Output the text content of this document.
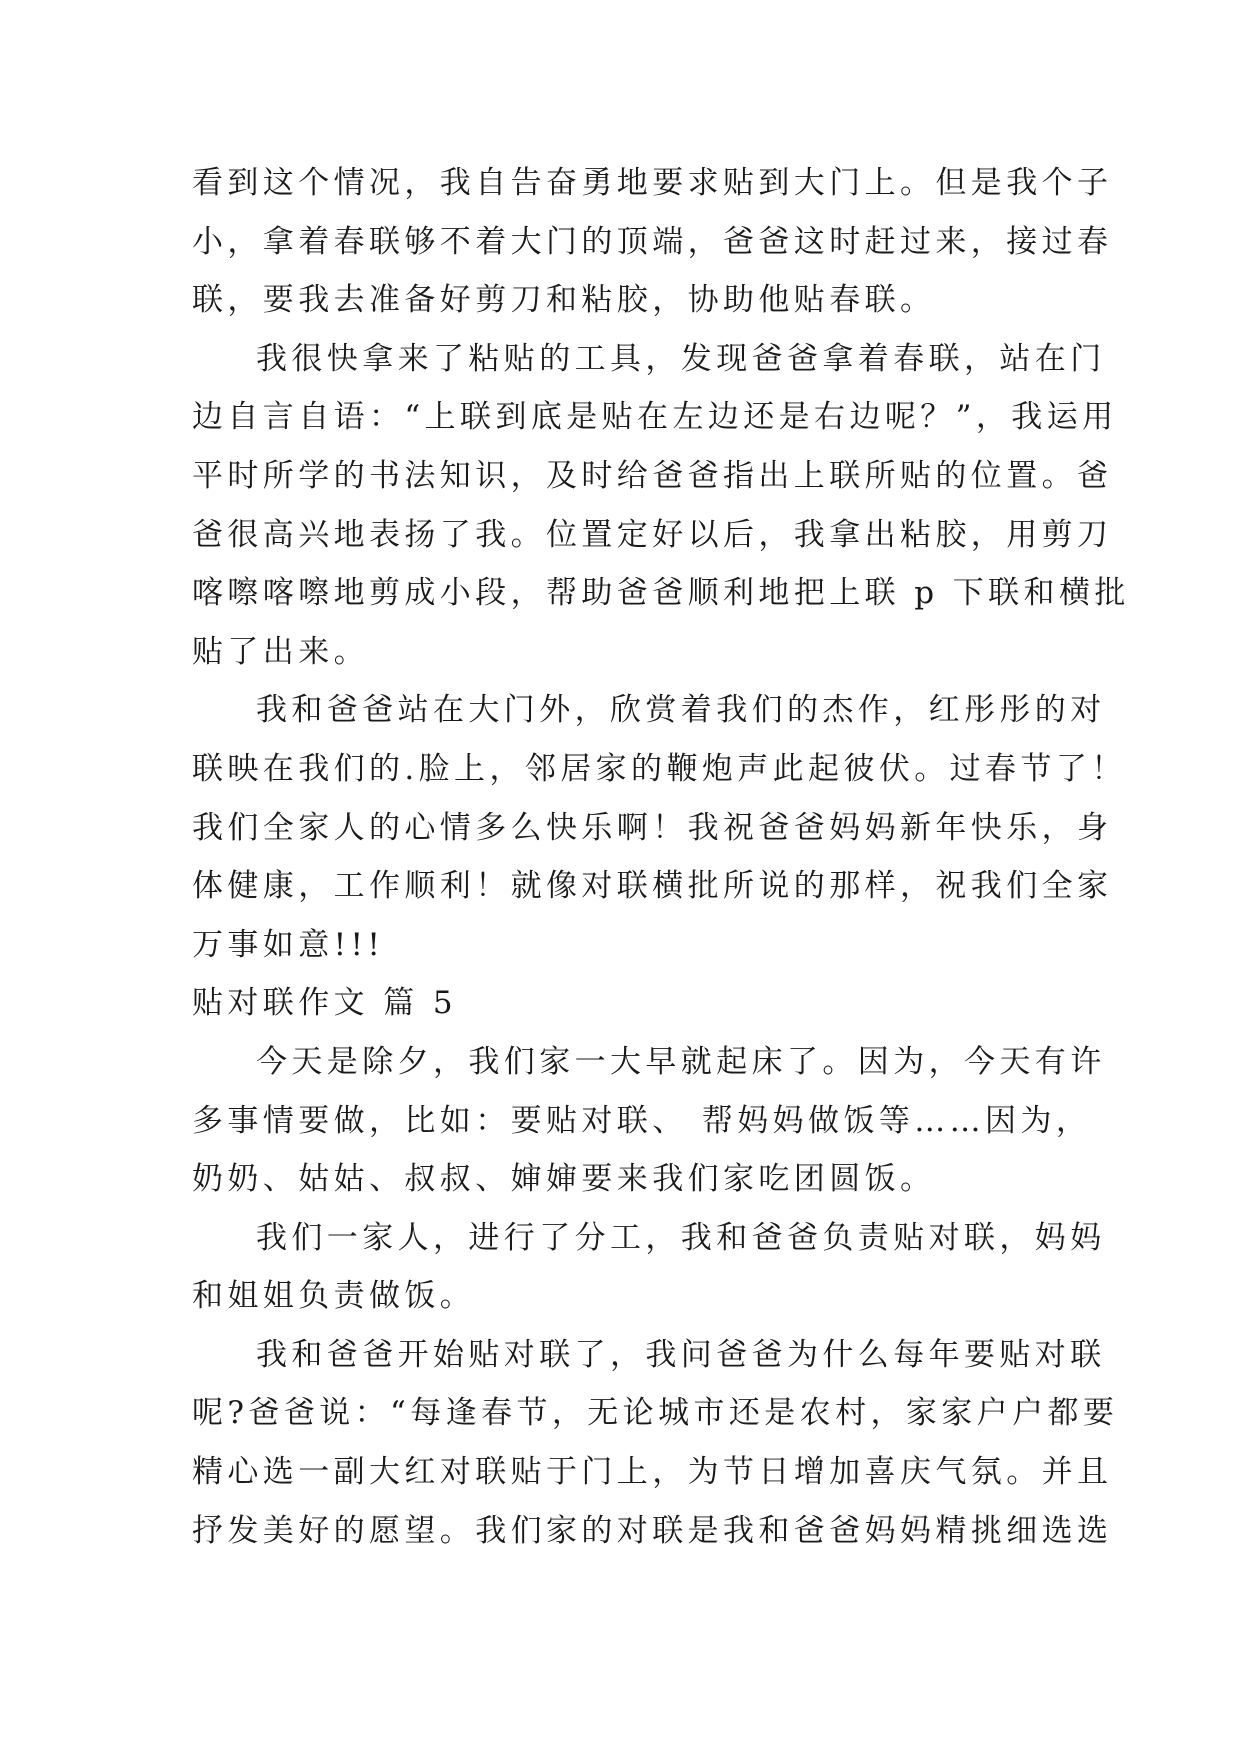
看到这个情况，我自告奋勇地要求贴到大门上。但是我个子
小，拿着春联够不着大门的顶端，爸爸这时赶过来，接过春
联，要我去准备好剪刀和粘胶，协助他贴春联。
我很快拿来了粘贴的工具，发现爸爸拿着春联，站在门
边自言自语：“上联到底是贴在左边还是右边呢？”，我运用
平时所学的书法知识，及时给爸爸指出上联所贴的位置。爸
爸很高兴地表扬了我。位置定好以后，我拿出粘胶，用剪刀
喀嚓喀嚓地剪成小段，帮助爸爸顺利地把上联 p 下联和横批
贴了出来。
我和爸爸站在大门外，欣赏着我们的杰作，红彤彤的对
联映在我们的.脸上，邻居家的鞭炮声此起彼伏。过春节了！
我们全家人的心情多么快乐啊！我祝爸爸妈妈新年快乐，身
体健康，工作顺利！就像对联横批所说的那样，祝我们全家
万事如意!!!
贴对联作文 篇 5
今天是除夕，我们家一大早就起床了。因为，今天有许
多事情要做，比如：要贴对联、 帮妈妈做饭等……因为，
奶奶、姑姑、叔叔、婶婶要来我们家吃团圆饭。
我们一家人，进行了分工，我和爸爸负责贴对联，妈妈
和姐姐负责做饭。
我和爸爸开始贴对联了，我问爸爸为什么每年要贴对联
呢?爸爸说：“每逢春节，无论城市还是农村，家家户户都要
精心选一副大红对联贴于门上，为节日增加喜庆气氛。并且
抒发美好的愿望。我们家的对联是我和爸爸妈妈精挑细选选
